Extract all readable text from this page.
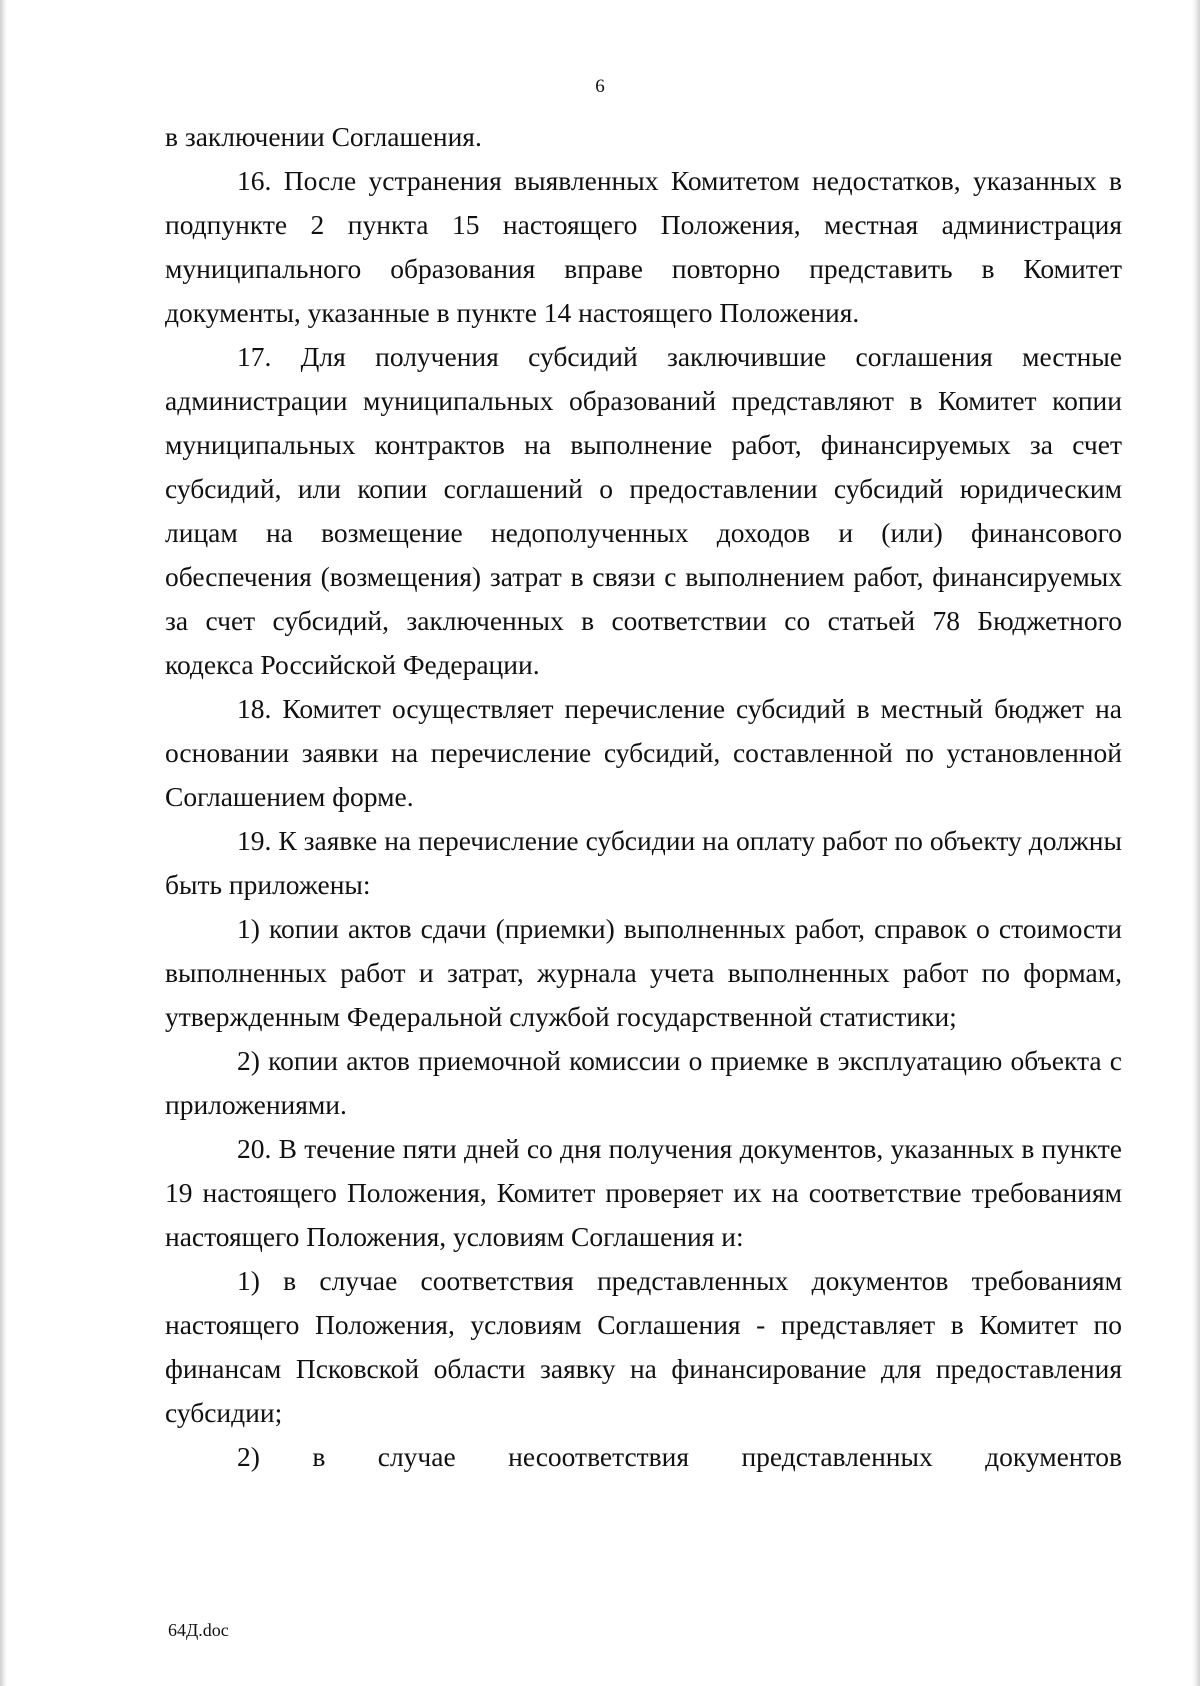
6

в заключении Соглашения.

16. После устранения выявленных Комитетом недостатков, указанных в подпункте 2 пункта 15 настоящего Положения, местная администрация муниципального образования вправе повторно представить в Комитет документы, указанные в пункте 14 настоящего Положения.

17. Для получения субсидий заключившие соглашения местные администрации муниципальных образований представляют в Комитет копии муниципальных контрактов на выполнение работ, финансируемых за счет субсидий, или копии соглашений о предоставлении субсидий юридическим лицам на возмещение недополученных доходов и (или) финансового обеспечения (возмещения) затрат в связи с выполнением работ, финансируемых за счет субсидий, заключенных в соответствии со статьей 78 Бюджетного кодекса Российской Федерации.

18. Комитет осуществляет перечисление субсидий в местный бюджет на основании заявки на перечисление субсидий, составленной по установленной Соглашением форме.

19. К заявке на перечисление субсидии на оплату работ по объекту должны быть приложены:

1) копии актов сдачи (приемки) выполненных работ, справок о стоимости выполненных работ и затрат, журнала учета выполненных работ по формам, утвержденным Федеральной службой государственной статистики;

2) копии актов приемочной комиссии о приемке в эксплуатацию объекта с приложениями.

20. В течение пяти дней со дня получения документов, указанных в пункте 19 настоящего Положения, Комитет проверяет их на соответствие требованиям настоящего Положения, условиям Соглашения и:

1) в случае соответствия представленных документов требованиям настоящего Положения, условиям Соглашения - представляет в Комитет по финансам Псковской области заявку на финансирование для предоставления субсидии;

2) в случае несоответствия представленных документов

64Д.doc
